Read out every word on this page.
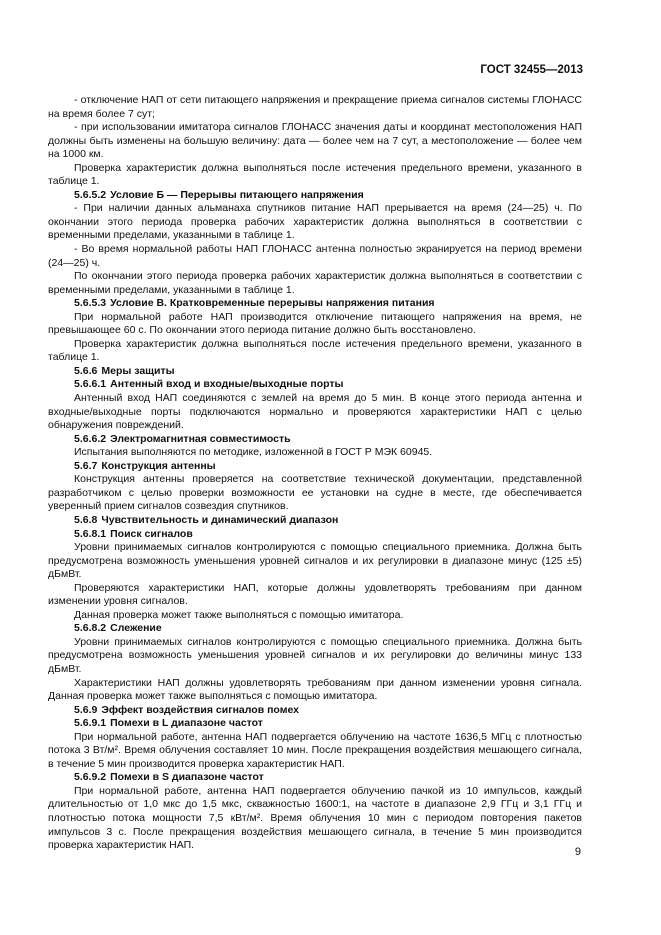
ГОСТ 32455—2013

- отключение НАП от сети питающего напряжения и прекращение приема сигналов системы ГЛОНАСС на время более 7 сут;

- при использовании имитатора сигналов ГЛОНАСС значения даты и координат местоположения НАП должны быть изменены на большую величину: дата — более чем на 7 сут, а местоположение — более чем на 1000 км.

Проверка характеристик должна выполняться после истечения предельного времени, указанного в таблице 1.

5.6.5.2 Условие Б — Перерывы питающего напряжения

- При наличии данных альманаха спутников питание НАП прерывается на время (24—25) ч. По окончании этого периода проверка рабочих характеристик должна выполняться в соответствии с временными пределами, указанными в таблице 1.

- Во время нормальной работы НАП ГЛОНАСС антенна полностью экранируется на период времени (24—25) ч.

По окончании этого периода проверка рабочих характеристик должна выполняться в соответствии с временными пределами, указанными в таблице 1.

5.6.5.3 Условие В. Кратковременные перерывы напряжения питания

При нормальной работе НАП производится отключение питающего напряжения на время, не превышающее 60 с. По окончании этого периода питание должно быть восстановлено.

Проверка характеристик должна выполняться после истечения предельного времени, указанного в таблице 1.

5.6.6 Меры защиты

5.6.6.1 Антенный вход и входные/выходные порты

Антенный вход НАП соединяются с землей на время до 5 мин. В конце этого периода антенна и входные/выходные порты подключаются нормально и проверяются характеристики НАП с целью обнаружения повреждений.

5.6.6.2 Электромагнитная совместимость

Испытания выполняются по методике, изложенной в ГОСТ Р МЭК 60945.

5.6.7 Конструкция антенны

Конструкция антенны проверяется на соответствие технической документации, представленной разработчиком с целью проверки возможности ее установки на судне в месте, где обеспечивается уверенный прием сигналов созвездия спутников.

5.6.8 Чувствительность и динамический диапазон

5.6.8.1 Поиск сигналов

Уровни принимаемых сигналов контролируются с помощью специального приемника. Должна быть предусмотрена возможность уменьшения уровней сигналов и их регулировки в диапазоне минус (125 ±5) дБмВт.

Проверяются характеристики НАП, которые должны удовлетворять требованиям при данном изменении уровня сигналов.

Данная проверка может также выполняться с помощью имитатора.

5.6.8.2 Слежение

Уровни принимаемых сигналов контролируются с помощью специального приемника. Должна быть предусмотрена возможность уменьшения уровней сигналов и их регулировки до величины минус 133 дБмВт.

Характеристики НАП должны удовлетворять требованиям при данном изменении уровня сигнала. Данная проверка может также выполняться с помощью имитатора.

5.6.9 Эффект воздействия сигналов помех

5.6.9.1 Помехи в L диапазоне частот

При нормальной работе, антенна НАП подвергается облучению на частоте 1636,5 МГц с плотностью потока 3 Вт/м². Время облучения составляет 10 мин. После прекращения воздействия мешающего сигнала, в течение 5 мин производится проверка характеристик НАП.

5.6.9.2 Помехи в S диапазоне частот

При нормальной работе, антенна НАП подвергается облучению пачкой из 10 импульсов, каждый длительностью от 1,0 мкс до 1,5 мкс, скважностью 1600:1, на частоте в диапазоне 2,9 ГГц и 3,1 ГГц и плотностью потока мощности 7,5 кВт/м². Время облучения 10 мин с периодом повторения пакетов импульсов 3 с. После прекращения воздействия мешающего сигнала, в течение 5 мин производится проверка характеристик НАП.

9
